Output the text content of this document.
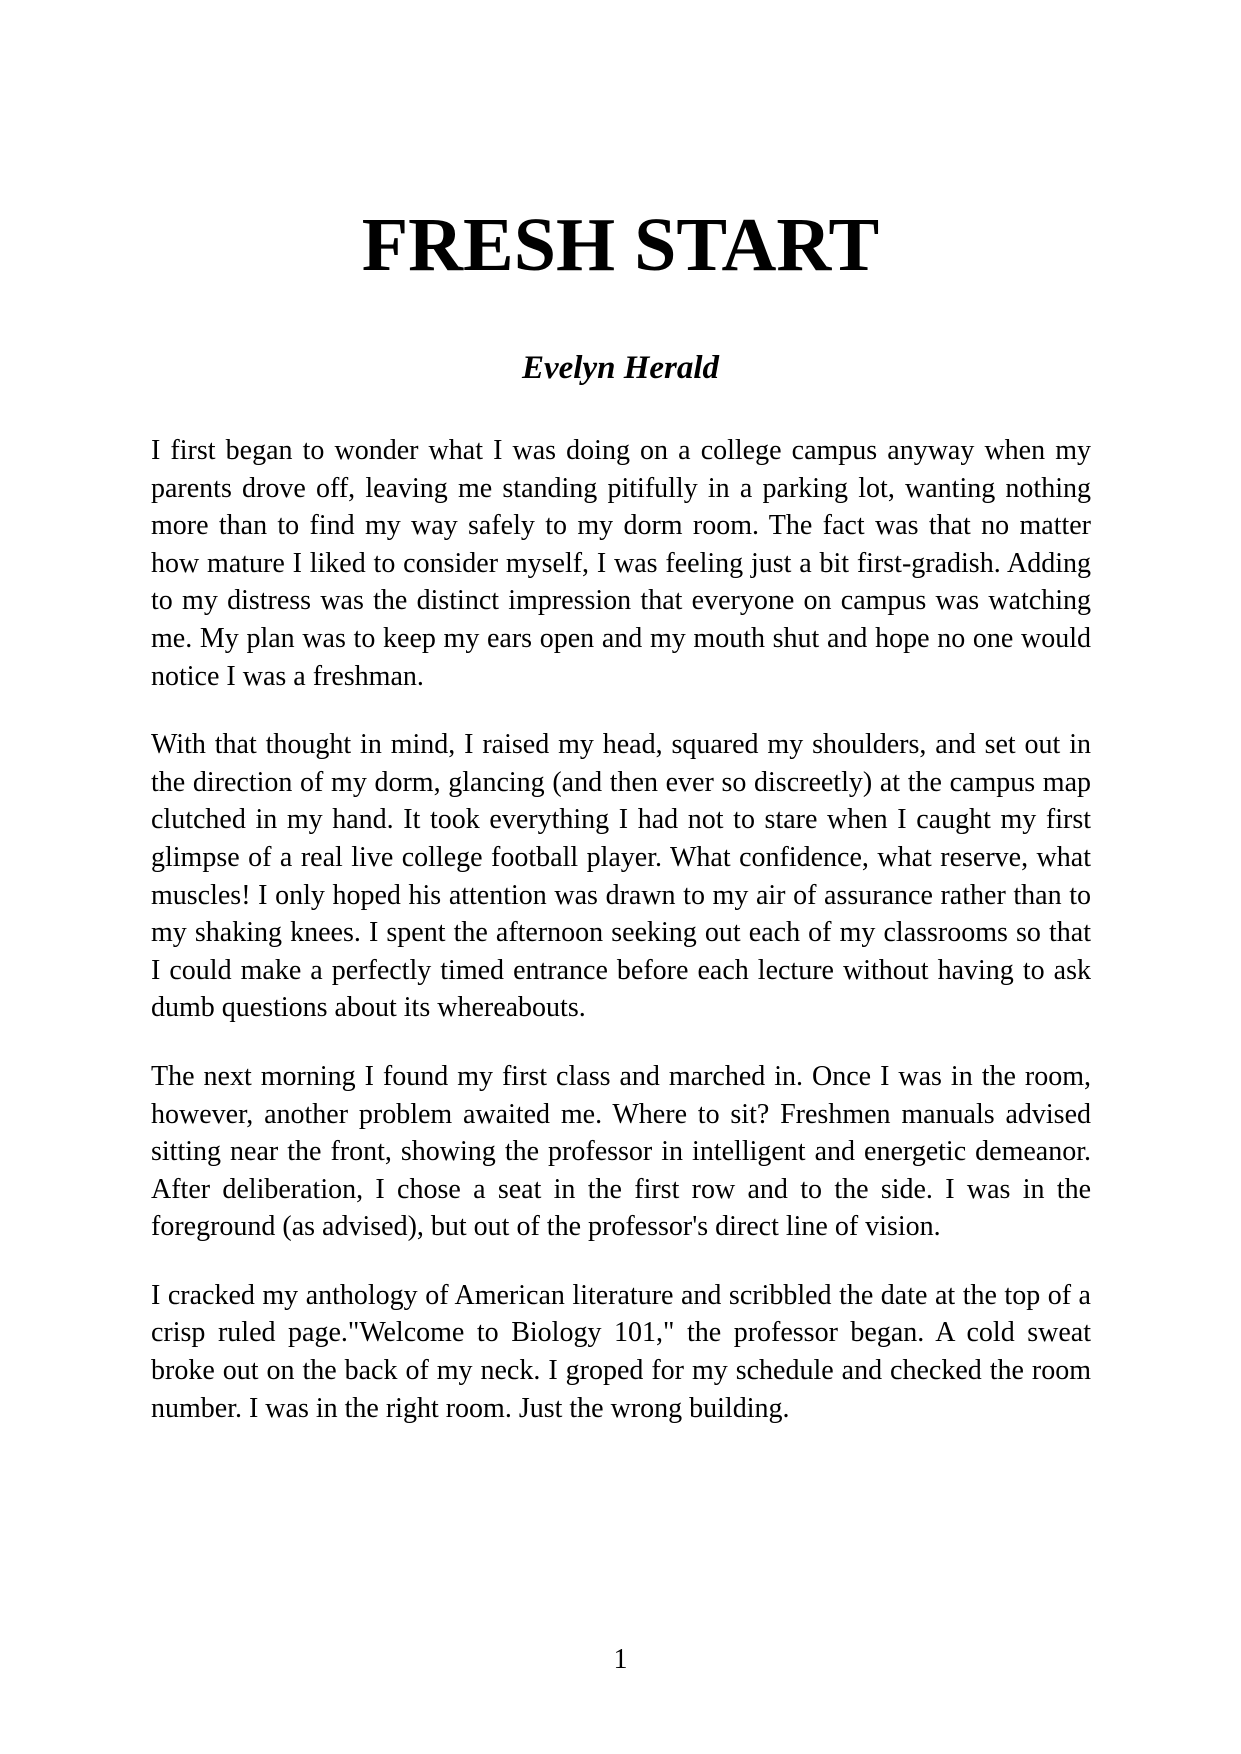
FRESH START
Evelyn Herald

I first began to wonder what I was doing on a college campus anyway when my parents drove off, leaving me standing pitifully in a parking lot, wanting nothing more than to find my way safely to my dorm room. The fact was that no matter how mature I liked to consider myself, I was feeling just a bit first-gradish. Adding to my distress was the distinct impression that everyone on campus was watching me. My plan was to keep my ears open and my mouth shut and hope no one would notice I was a freshman.

With that thought in mind, I raised my head, squared my shoulders, and set out in the direction of my dorm, glancing (and then ever so discreetly) at the campus map clutched in my hand. It took everything I had not to stare when I caught my first glimpse of a real live college football player. What confidence, what reserve, what muscles! I only hoped his attention was drawn to my air of assurance rather than to my shaking knees. I spent the afternoon seeking out each of my classrooms so that I could make a perfectly timed entrance before each lecture without having to ask dumb questions about its whereabouts.

The next morning I found my first class and marched in. Once I was in the room, however, another problem awaited me. Where to sit? Freshmen manuals advised sitting near the front, showing the professor in intelligent and energetic demeanor. After deliberation, I chose a seat in the first row and to the side. I was in the foreground (as advised), but out of the professor's direct line of vision.

I cracked my anthology of American literature and scribbled the date at the top of a crisp ruled page."Welcome to Biology 101," the professor began. A cold sweat broke out on the back of my neck. I groped for my schedule and checked the room number. I was in the right room. Just the wrong building.

1
